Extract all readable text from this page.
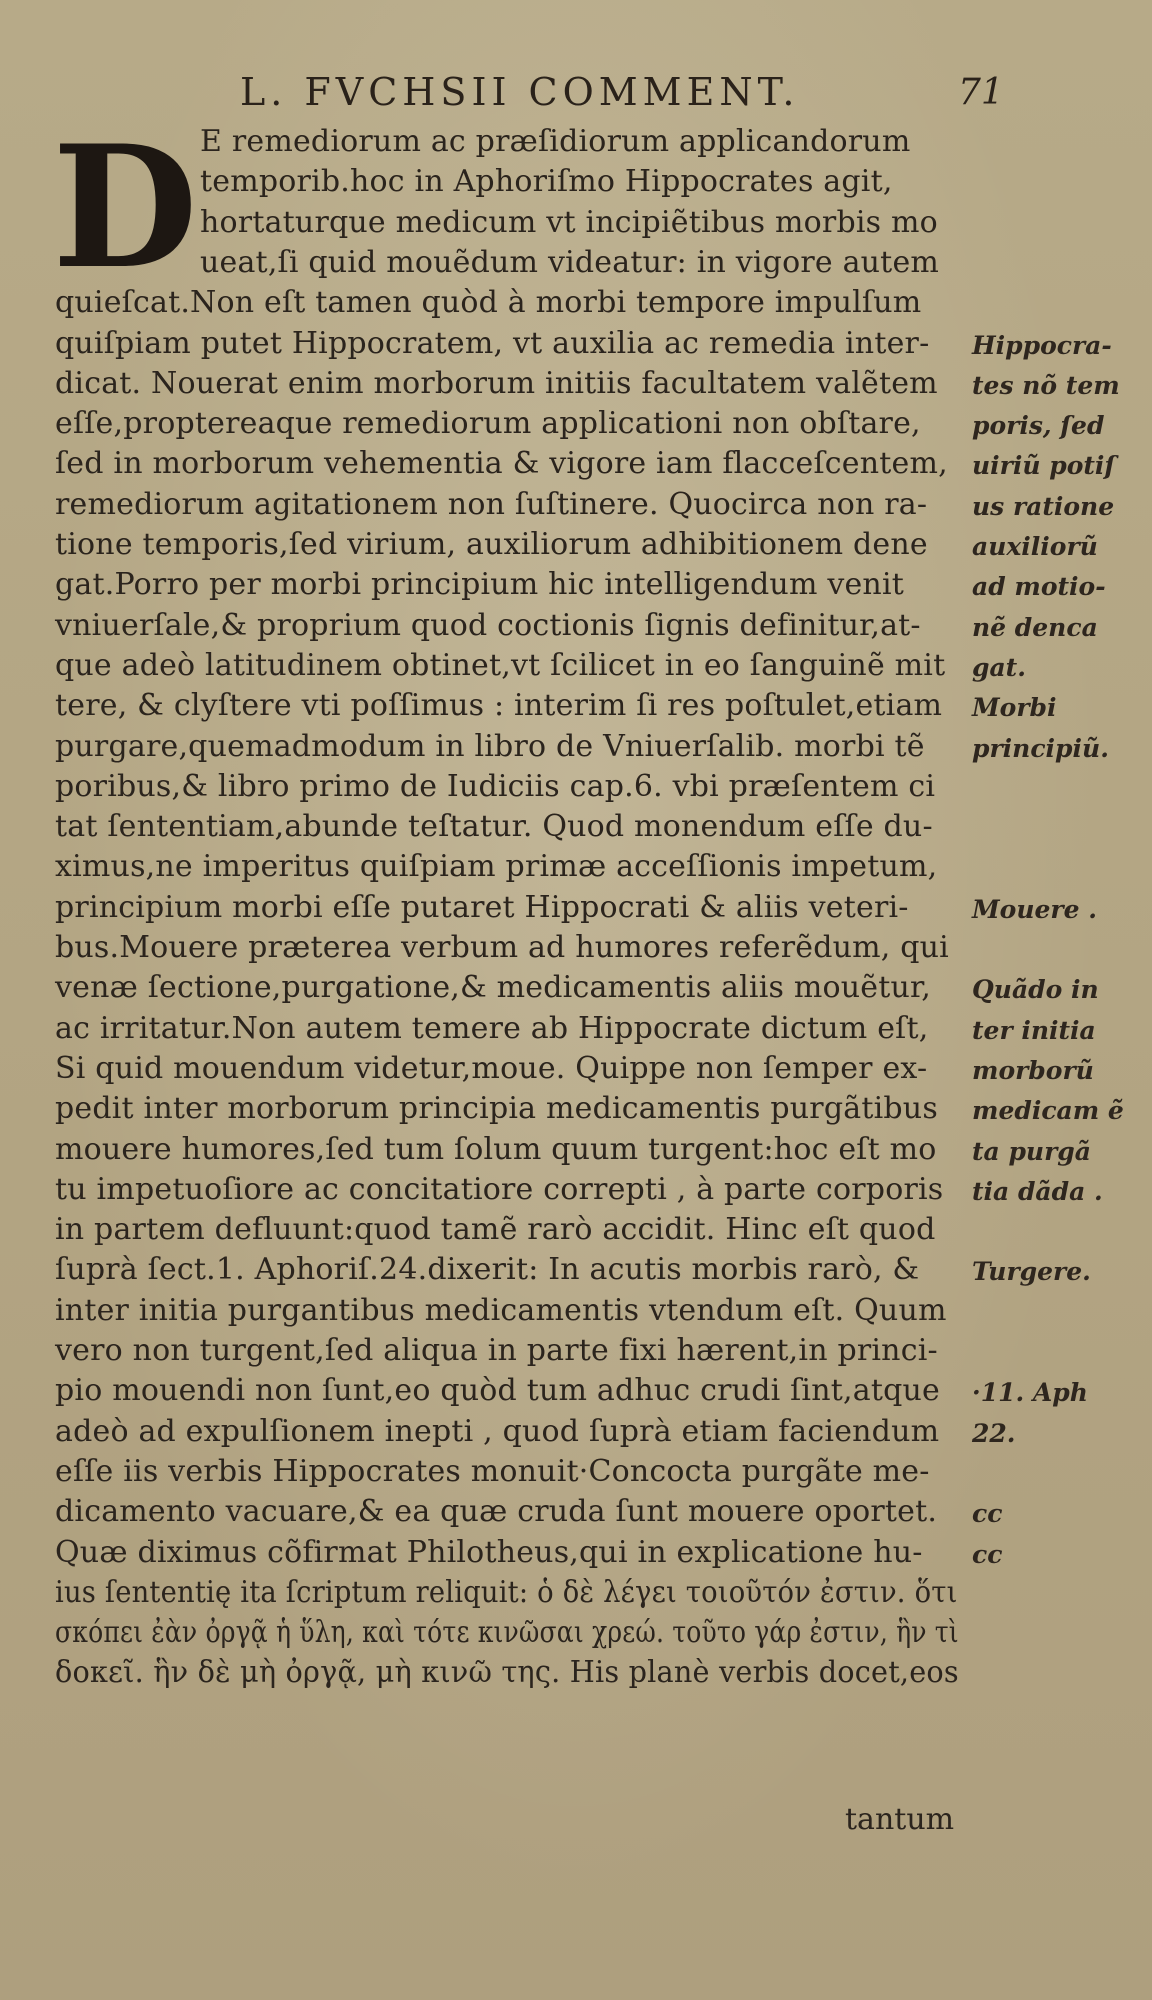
L. FVCHSII COMMENT.	71
D E remediorum ac præſidiorum applicandorum
temporib.hoc in Aphoriſmo Hippocrates agit,
hortaturque medicum vt incipiẽtibus morbis mo
ueat,ſi quid mouẽdum videatur: in vigore autem
quieſcat.Non eſt tamen quòd à morbi tempore impulſum
quiſpiam putet Hippocratem, vt auxilia ac remedia inter-
dicat. Nouerat enim morborum initiis facultatem valẽtem
eſſe,proptereaque remediorum applicationi non obſtare,
ſed in morborum vehementia & vigore iam flacceſcentem,
remediorum agitationem non ſuſtinere. Quocirca non ra-
tione temporis,ſed virium, auxiliorum adhibitionem dene
gat.Porro per morbi principium hic intelligendum venit
vniuerſale,& proprium quod coctionis ſignis definitur,at-
que adeò latitudinem obtinet,vt ſcilicet in eo ſanguinẽ mit
tere, & clyſtere vti poſſimus : interim ſi res poſtulet,etiam
purgare,quemadmodum in libro de Vniuerſalib. morbi tẽ
poribus,& libro primo de Iudiciis cap.6. vbi præſentem ci
tat ſententiam,abunde teſtatur. Quod monendum eſſe du-
ximus,ne imperitus quiſpiam primæ acceſſionis impetum,
principium morbi eſſe putaret Hippocrati & aliis veteri-
bus.Mouere præterea verbum ad humores referẽdum, qui
venæ ſectione,purgatione,& medicamentis aliis mouẽtur,
ac irritatur.Non autem temere ab Hippocrate dictum eſt,
Si quid mouendum videtur,moue. Quippe non ſemper ex-
pedit inter morborum principia medicamentis purgãtibus
mouere humores,ſed tum ſolum quum turgent:hoc eſt mo
tu impetuoſiore ac concitatiore correpti , à parte corporis
in partem defluunt:quod tamẽ rarò accidit. Hinc eſt quod
ſuprà ſect.1. Aphoriſ.24.dixerit: In acutis morbis rarò, &
inter initia purgantibus medicamentis vtendum eſt. Quum
vero non turgent,ſed aliqua in parte fixi hærent,in princi-
pio mouendi non ſunt,eo quòd tum adhuc crudi ſint,atque
adeò ad expulſionem inepti , quod ſuprà etiam faciendum
eſſe iis verbis Hippocrates monuit·Concocta purgãte me-
dicamento vacuare,& ea quæ cruda ſunt mouere oportet.
Quæ diximus cõfirmat Philotheus,qui in explicatione hu-
ius ſententię ita ſcriptum reliquit: ὁ δὲ λέγει τοιοῦτόν ἐστιν. ὅτι
σκόπει ἐὰν ὀργᾷ ἡ ὕλη, καὶ τότε κινῶσαι χρεώ. τοῦτο γάρ ἐστιν, ἣν τὶ
δοκεῖ. ἣν δὲ μὴ ὀργᾷ, μὴ κινῶ της. His planè verbis docet,eos
Hippocra-
tes nõ tem
poris, ſed
uiriũ potiſ
us ratione
auxiliorũ
ad motio-
nẽ denca
gat.
Morbi
principiũ.
Mouere .
Quãdo in
ter initia
morborũ
medicam ẽ
ta purgã
tia dãda .
Turgere.
·11. Aph
22.
cc
cc
tantum
